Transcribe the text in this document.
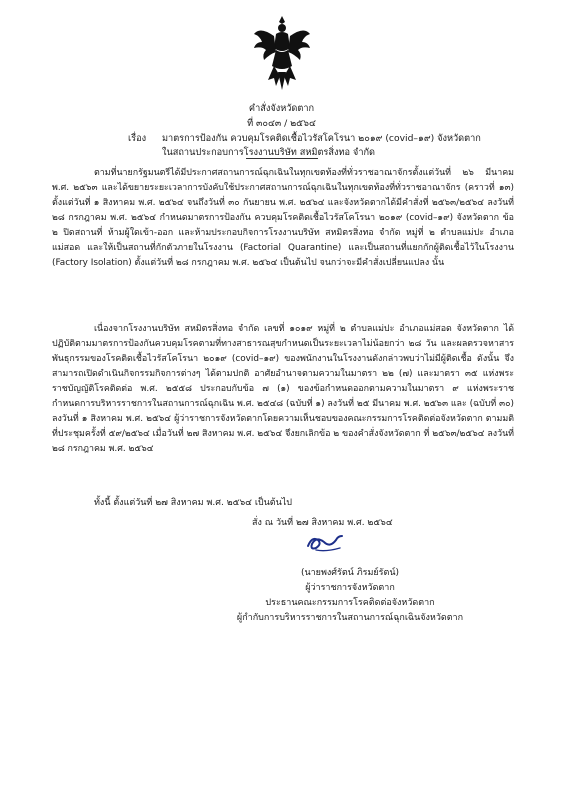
คำสั่งจังหวัดตาก
ที่ ๓๐๔๓ / ๒๕๖๔
เรื่อง มาตรการป้องกัน ควบคุมโรคติดเชื้อไวรัสโคโรนา ๒๐๑๙ (covid–๑๙) จังหวัดตาก
ในสถานประกอบการโรงงานบริษัท สหมิตรสิ่งทอ จำกัด

ตามที่นายกรัฐมนตรีได้มีประกาศสถานการณ์ฉุกเฉินในทุกเขตท้องที่ทั่วราชอาณาจักรตั้งแต่วันที่ ๒๖ มีนาคม พ.ศ. ๒๕๖๓ และได้ขยายระยะเวลาการบังคับใช้ประกาศสถานการณ์ฉุกเฉินในทุกเขตท้องที่ทั่วราชอาณาจักร (คราวที่ ๑๓) ตั้งแต่วันที่ ๑ สิงหาคม พ.ศ. ๒๕๖๔ จนถึงวันที่ ๓๐ กันยายน พ.ศ. ๒๕๖๔ และจังหวัดตากได้มีคำสั่งที่ ๒๕๖๓/๒๕๖๔ ลงวันที่ ๒๘ กรกฎาคม พ.ศ. ๒๕๖๔ กำหนดมาตรการป้องกัน ควบคุมโรคติดเชื้อไวรัสโคโรนา ๒๐๑๙ (covid–๑๙) จังหวัดตาก ข้อ ๒ ปิดสถานที่ ห้ามผู้ใดเข้า-ออก และห้ามประกอบกิจการโรงงานบริษัท สหมิตรสิ่งทอ จำกัด หมู่ที่ ๒ ตำบลแม่ปะ อำเภอแม่สอด และให้เป็นสถานที่กักตัวภายในโรงงาน (Factorial Quarantine) และเป็นสถานที่แยกกักผู้ติดเชื้อไว้ในโรงงาน (Factory Isolation) ตั้งแต่วันที่ ๒๘ กรกฎาคม พ.ศ. ๒๕๖๔ เป็นต้นไป จนกว่าจะมีคำสั่งเปลี่ยนแปลง นั้น

เนื่องจากโรงงานบริษัท สหมิตรสิ่งทอ จำกัด เลขที่ ๑๐๑๙ หมู่ที่ ๒ ตำบลแม่ปะ อำเภอแม่สอด จังหวัดตาก ได้ปฏิบัติตามมาตรการป้องกันควบคุมโรคตามที่ทางสาธารณสุขกำหนดเป็นระยะเวลาไม่น้อยกว่า ๒๘ วัน และผลตรวจหาสารพันธุกรรมของโรคติดเชื้อไวรัสโคโรนา ๒๐๑๙ (covid–๑๙) ของพนักงานในโรงงานดังกล่าวพบว่าไม่มีผู้ติดเชื้อ ดังนั้น จึงสามารถเปิดดำเนินกิจกรรมกิจการต่างๆ ได้ตามปกติ อาศัยอำนาจตามความในมาตรา ๒๒ (๗) และมาตรา ๓๕ แห่งพระราชบัญญัติโรคติดต่อ พ.ศ. ๒๕๕๘ ประกอบกับข้อ ๗ (๑) ของข้อกำหนดออกตามความในมาตรา ๙ แห่งพระราชกำหนดการบริหารราชการในสถานการณ์ฉุกเฉิน พ.ศ. ๒๕๔๘ (ฉบับที่ ๑) ลงวันที่ ๒๕ มีนาคม พ.ศ. ๒๕๖๓ และ (ฉบับที่ ๓๐) ลงวันที่ ๑ สิงหาคม พ.ศ. ๒๕๖๔ ผู้ว่าราชการจังหวัดตากโดยความเห็นชอบของคณะกรรมการโรคติดต่อจังหวัดตาก ตามมติที่ประชุมครั้งที่ ๕๙/๒๕๖๔ เมื่อวันที่ ๒๗ สิงหาคม พ.ศ. ๒๕๖๔ จึงยกเลิกข้อ ๒ ของคำสั่งจังหวัดตาก ที่ ๒๕๖๓/๒๕๖๔ ลงวันที่ ๒๘ กรกฎาคม พ.ศ. ๒๕๖๔

ทั้งนี้ ตั้งแต่วันที่ ๒๗ สิงหาคม พ.ศ. ๒๕๖๔ เป็นต้นไป
สั่ง ณ วันที่ ๒๗ สิงหาคม พ.ศ. ๒๕๖๔
(นายพงศ์รัตน์ ภิรมย์รัตน์)
ผู้ว่าราชการจังหวัดตาก
ประธานคณะกรรมการโรคติดต่อจังหวัดตาก
ผู้กำกับการบริหารราชการในสถานการณ์ฉุกเฉินจังหวัดตาก
